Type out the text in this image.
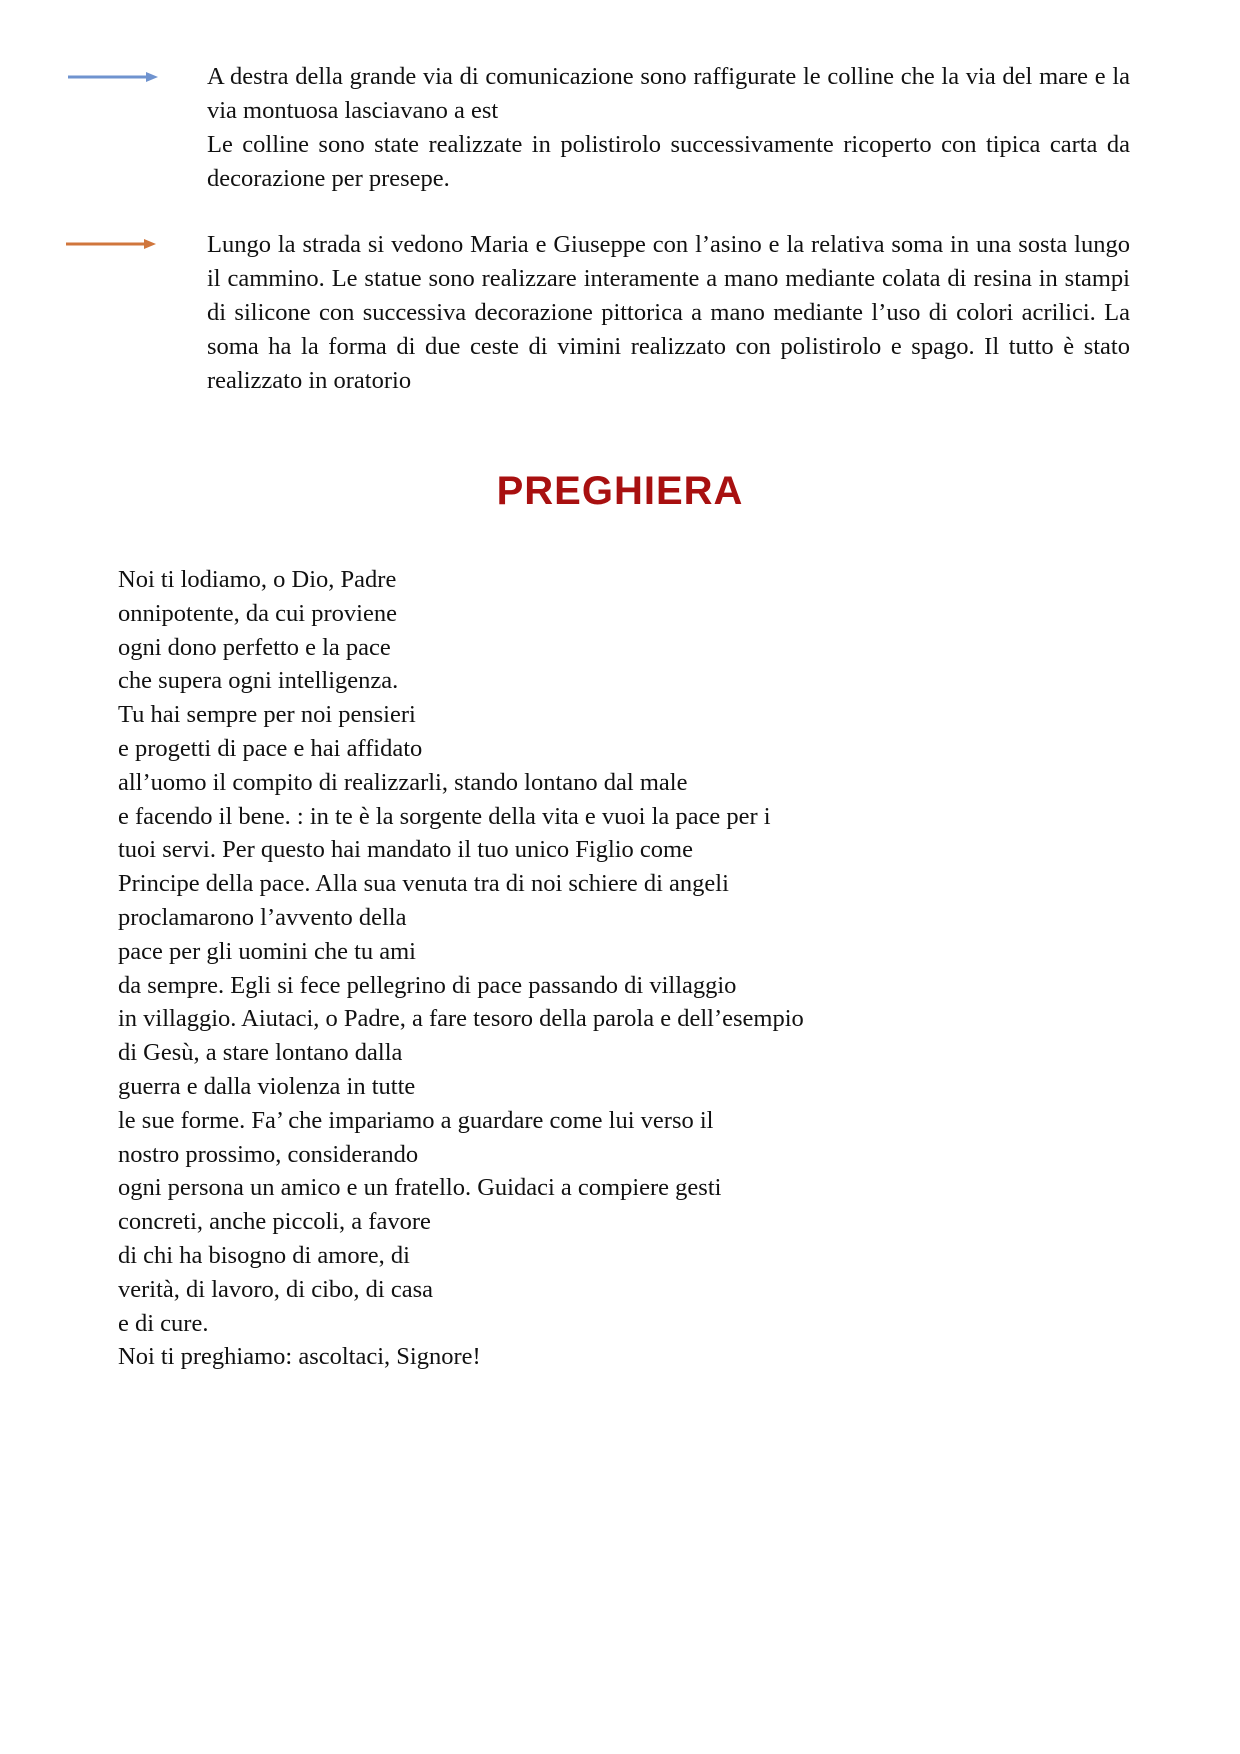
A destra della grande via di comunicazione sono raffigurate le colline che la via del mare e la via montuosa lasciavano a est
Le colline sono state realizzate in polistirolo successivamente ricoperto con tipica carta da decorazione per presepe.

Lungo la strada si vedono Maria e Giuseppe con l’asino e la relativa soma in una sosta lungo il cammino. Le statue sono realizzare interamente a mano mediante colata di resina in stampi di silicone con successiva decorazione pittorica a mano mediante l’uso di colori acrilici. La soma ha la forma di due ceste di vimini realizzato con polistirolo e spago. Il tutto è stato realizzato in oratorio

PREGHIERA
Noi ti lodiamo, o Dio, Padre
onnipotente, da cui proviene
ogni dono perfetto e la pace
che supera ogni intelligenza.
Tu hai sempre per noi pensieri
e progetti di pace e hai affidato
all’uomo il compito di realizzarli, stando lontano dal male
e facendo il bene. : in te è la sorgente della vita e vuoi la pace per i
tuoi servi. Per questo hai mandato il tuo unico Figlio come
Principe della pace. Alla sua venuta tra di noi schiere di angeli
proclamarono l’avvento della
pace per gli uomini che tu ami
da sempre. Egli si fece pellegrino di pace passando di villaggio
in villaggio. Aiutaci, o Padre, a fare tesoro della parola e dell’esempio
di Gesù, a stare lontano dalla
guerra e dalla violenza in tutte
le sue forme. Fa’ che impariamo a guardare come lui verso il
nostro prossimo, considerando
ogni persona un amico e un fratello. Guidaci a compiere gesti
concreti, anche piccoli, a favore
di chi ha bisogno di amore, di
verità, di lavoro, di cibo, di casa
e di cure.
Noi ti preghiamo: ascoltaci, Signore!
